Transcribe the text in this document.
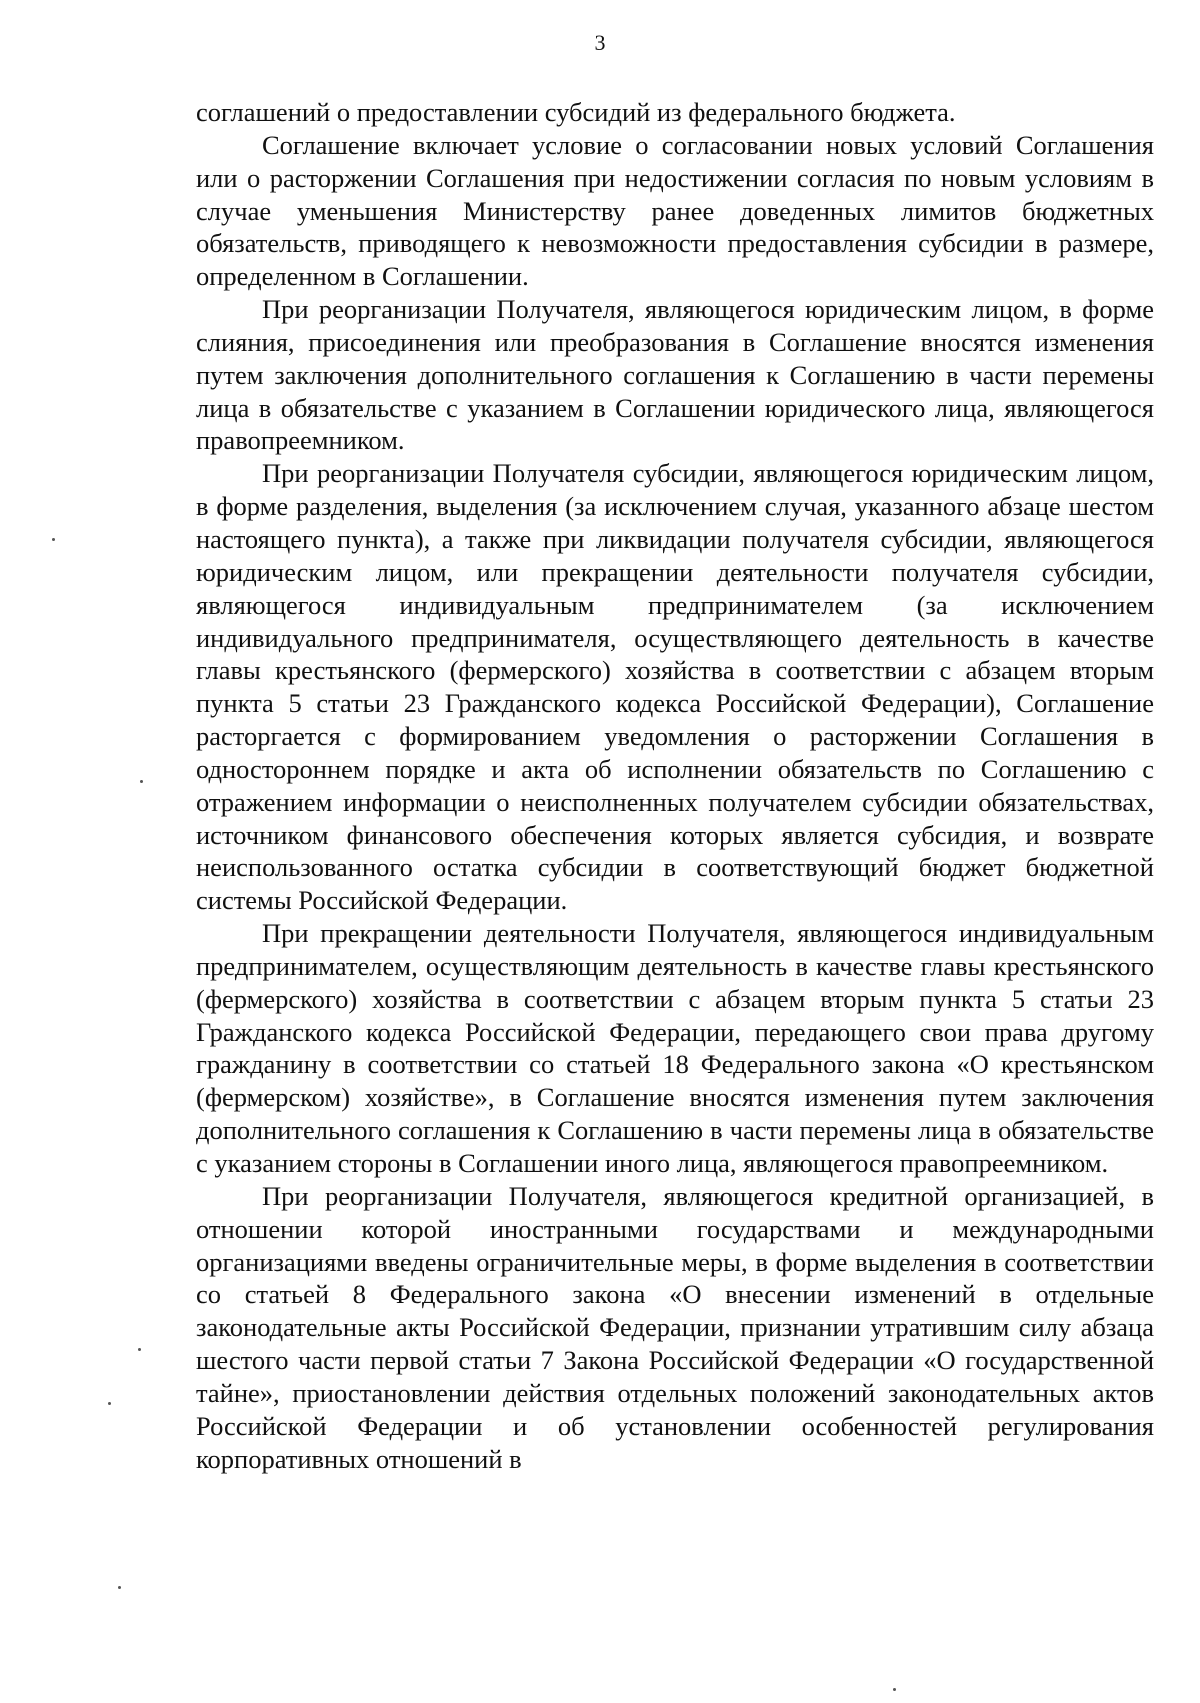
3

соглашений о предоставлении субсидий из федерального бюджета.

Соглашение включает условие о согласовании новых условий Соглашения или о расторжении Соглашения при недостижении согласия по новым условиям в случае уменьшения Министерству ранее доведенных лимитов бюджетных обязательств, приводящего к невозможности предоставления субсидии в размере, определенном в Соглашении.

При реорганизации Получателя, являющегося юридическим лицом, в форме слияния, присоединения или преобразования в Соглашение вносятся изменения путем заключения дополнительного соглашения к Соглашению в части перемены лица в обязательстве с указанием в Соглашении юридического лица, являющегося правопреемником.

При реорганизации Получателя субсидии, являющегося юридическим лицом, в форме разделения, выделения (за исключением случая, указанного абзаце шестом настоящего пункта), а также при ликвидации получателя субсидии, являющегося юридическим лицом, или прекращении деятельности получателя субсидии, являющегося индивидуальным предпринимателем (за исключением индивидуального предпринимателя, осуществляющего деятельность в качестве главы крестьянского (фермерского) хозяйства в соответствии с абзацем вторым пункта 5 статьи 23 Гражданского кодекса Российской Федерации), Соглашение расторгается с формированием уведомления о расторжении Соглашения в одностороннем порядке и акта об исполнении обязательств по Соглашению с отражением информации о неисполненных получателем субсидии обязательствах, источником финансового обеспечения которых является субсидия, и возврате неиспользованного остатка субсидии в соответствующий бюджет бюджетной системы Российской Федерации.

При прекращении деятельности Получателя, являющегося индивидуальным предпринимателем, осуществляющим деятельность в качестве главы крестьянского (фермерского) хозяйства в соответствии с абзацем вторым пункта 5 статьи 23 Гражданского кодекса Российской Федерации, передающего свои права другому гражданину в соответствии со статьей 18 Федерального закона «О крестьянском (фермерском) хозяйстве», в Соглашение вносятся изменения путем заключения дополнительного соглашения к Соглашению в части перемены лица в обязательстве с указанием стороны в Соглашении иного лица, являющегося правопреемником.

При реорганизации Получателя, являющегося кредитной организацией, в отношении которой иностранными государствами и международными организациями введены ограничительные меры, в форме выделения в соответствии со статьей 8 Федерального закона «О внесении изменений в отдельные законодательные акты Российской Федерации, признании утратившим силу абзаца шестого части первой статьи 7 Закона Российской Федерации «О государственной тайне», приостановлении действия отдельных положений законодательных актов Российской Федерации и об установлении особенностей регулирования корпоративных отношений в
